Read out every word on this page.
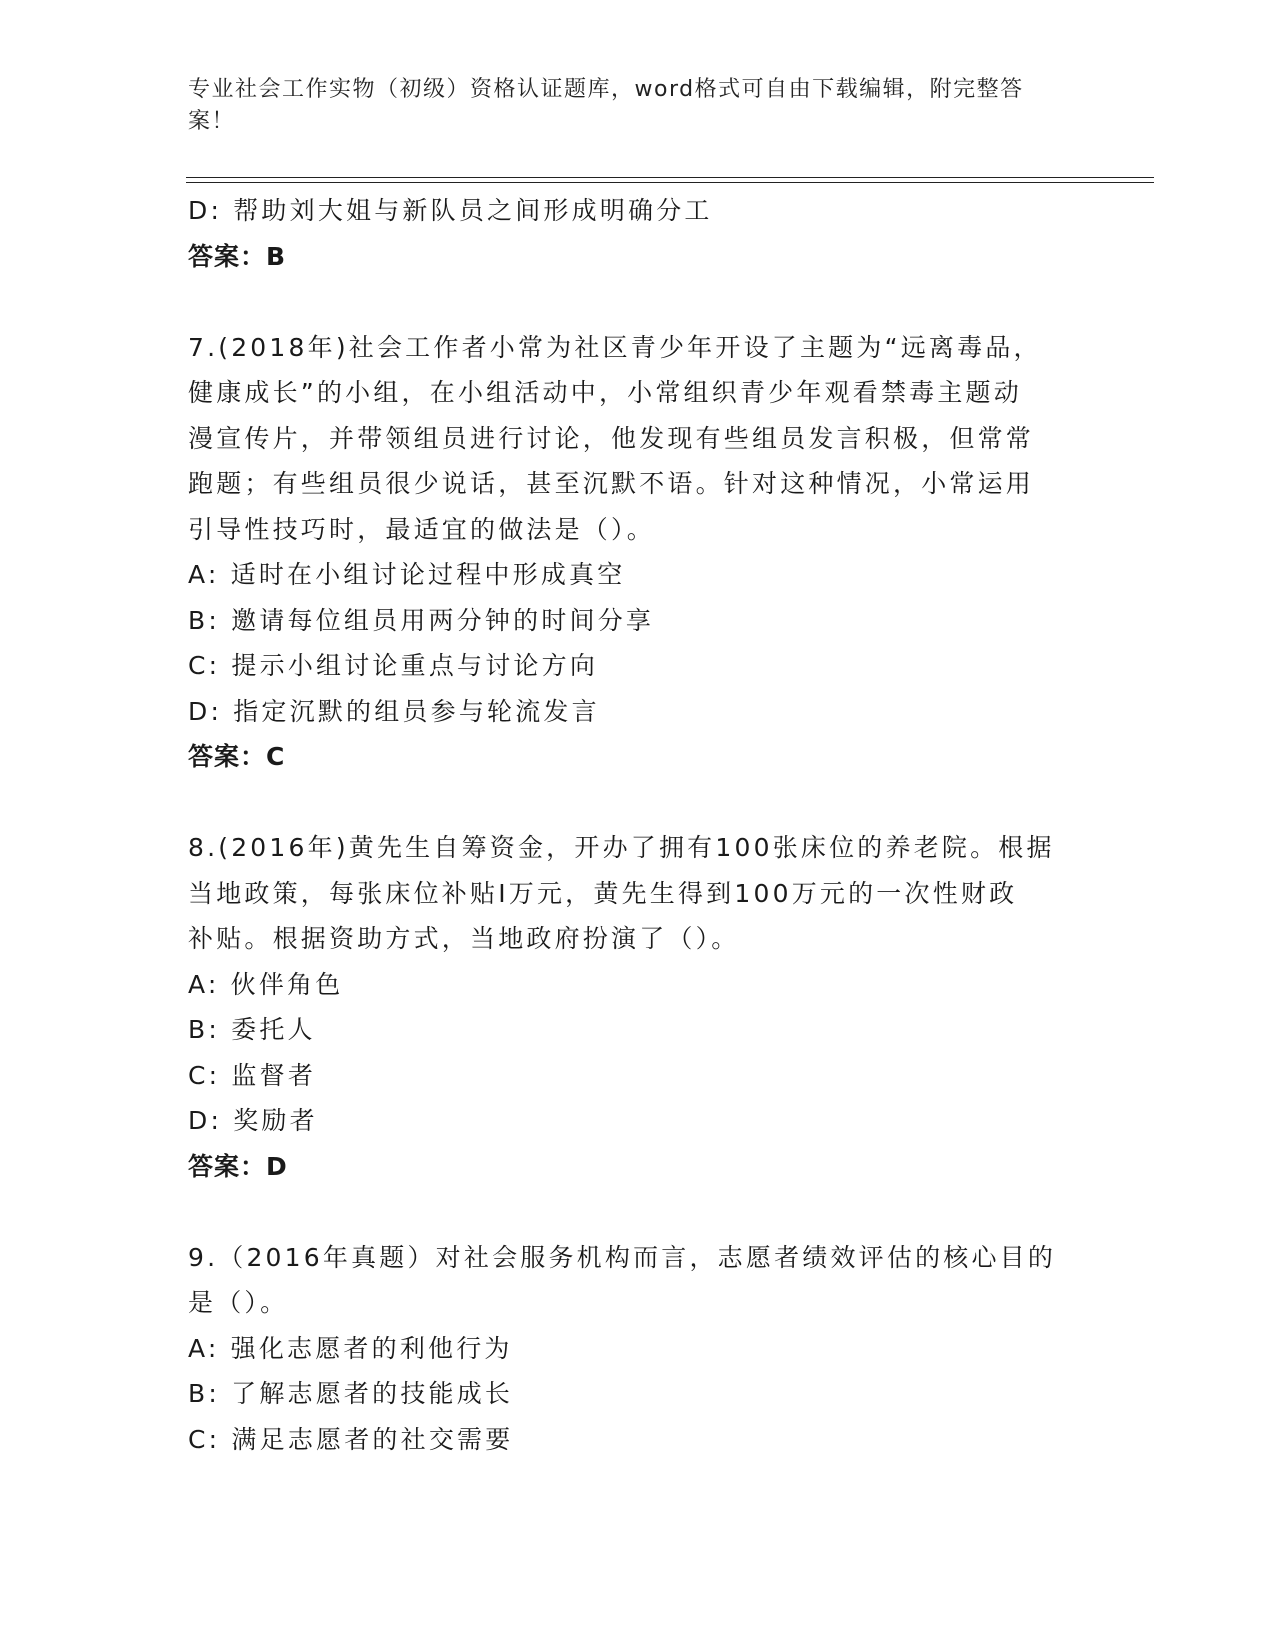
专业社会工作实物（初级）资格认证题库，word格式可自由下载编辑，附完整答案！
D: 帮助刘大姐与新队员之间形成明确分工
答案：B
7.(2018年)社会工作者小常为社区青少年开设了主题为“远离毒品，
健康成长”的小组，在小组活动中，小常组织青少年观看禁毒主题动
漫宣传片，并带领组员进行讨论，他发现有些组员发言积极，但常常
跑题；有些组员很少说话，甚至沉默不语。针对这种情况，小常运用
引导性技巧时，最适宜的做法是（）。
A: 适时在小组讨论过程中形成真空
B: 邀请每位组员用两分钟的时间分享
C: 提示小组讨论重点与讨论方向
D: 指定沉默的组员参与轮流发言
答案：C
8.(2016年)黄先生自筹资金，开办了拥有100张床位的养老院。根据
当地政策，每张床位补贴I万元，黄先生得到100万元的一次性财政
补贴。根据资助方式，当地政府扮演了（）。
A: 伙伴角色
B: 委托人
C: 监督者
D: 奖励者
答案：D
9.（2016年真题）对社会服务机构而言，志愿者绩效评估的核心目的
是（）。
A: 强化志愿者的利他行为
B: 了解志愿者的技能成长
C: 满足志愿者的社交需要
